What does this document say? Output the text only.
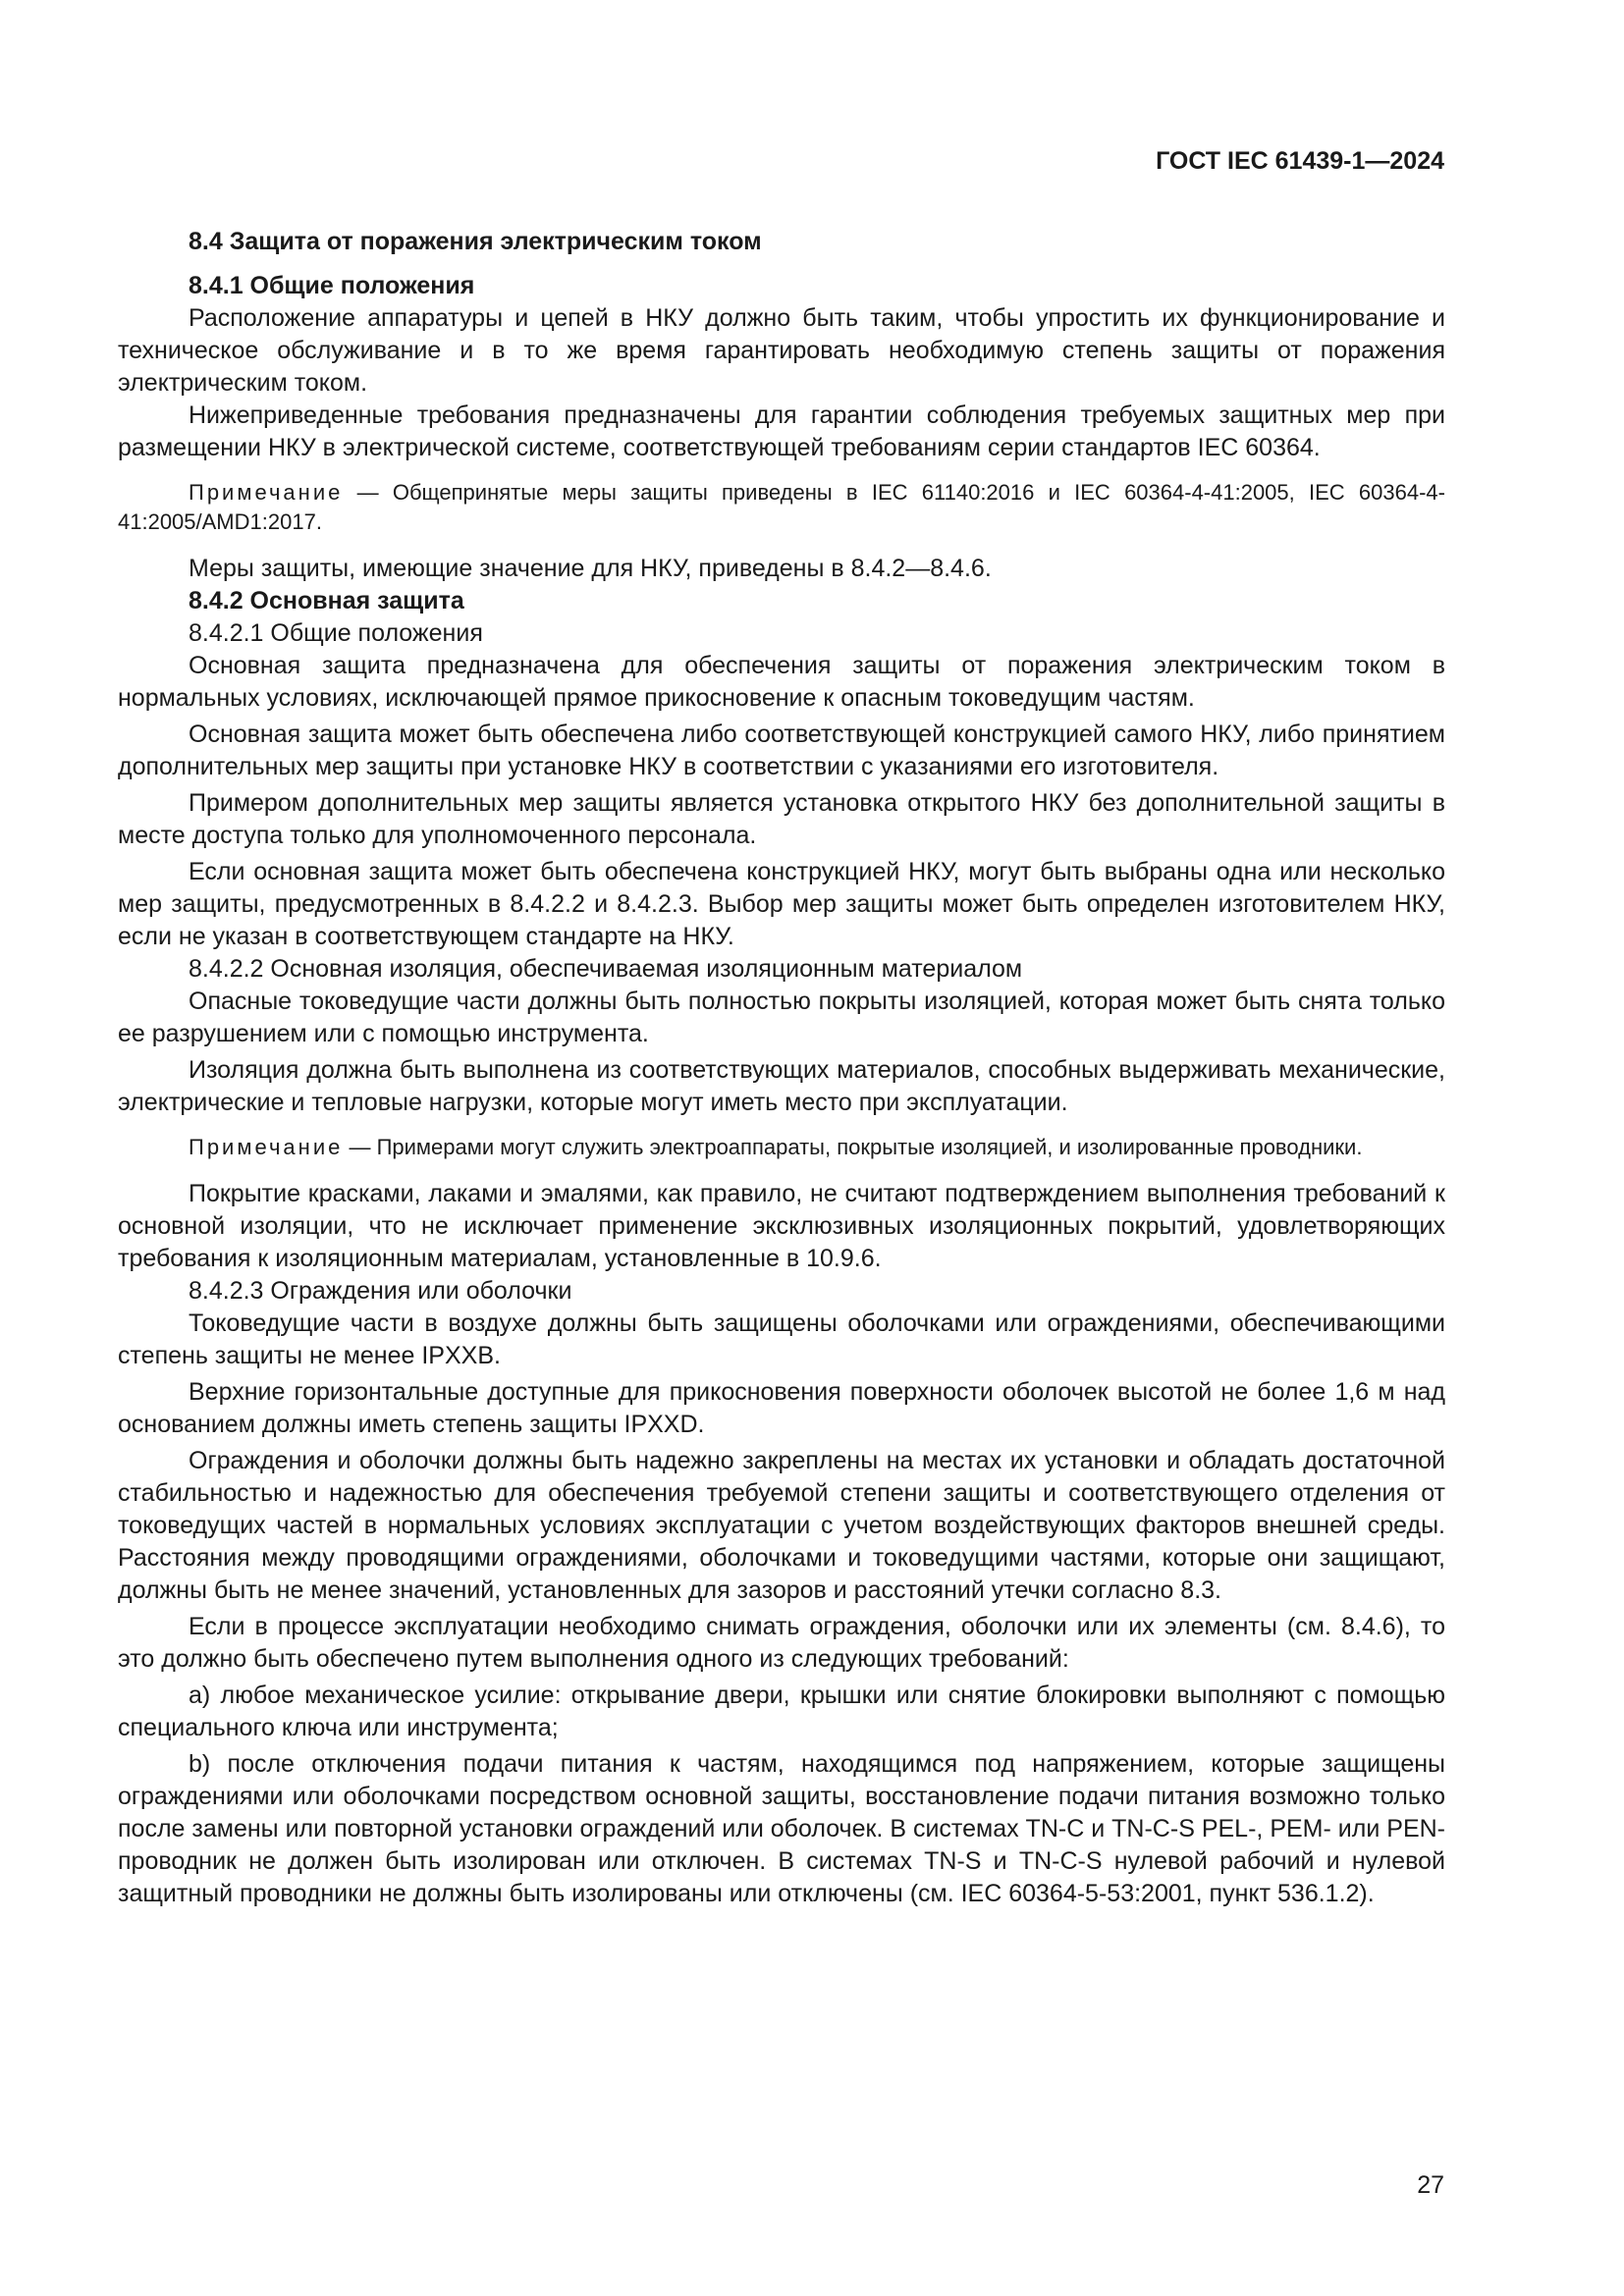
ГОСТ IEC 61439-1—2024

8.4 Защита от поражения электрическим током

8.4.1 Общие положения

Расположение аппаратуры и цепей в НКУ должно быть таким, чтобы упростить их функционирование и техническое обслуживание и в то же время гарантировать необходимую степень защиты от поражения электрическим током.

Нижеприведенные требования предназначены для гарантии соблюдения требуемых защитных мер при размещении НКУ в электрической системе, соответствующей требованиям серии стандартов IEC 60364.

Примечание — Общепринятые меры защиты приведены в IEC 61140:2016 и IEC 60364-4-41:2005, IEC 60364-4-41:2005/AMD1:2017.

Меры защиты, имеющие значение для НКУ, приведены в 8.4.2—8.4.6.

8.4.2 Основная защита

8.4.2.1 Общие положения

Основная защита предназначена для обеспечения защиты от поражения электрическим током в нормальных условиях, исключающей прямое прикосновение к опасным токоведущим частям.

Основная защита может быть обеспечена либо соответствующей конструкцией самого НКУ, либо принятием дополнительных мер защиты при установке НКУ в соответствии с указаниями его изготовителя.

Примером дополнительных мер защиты является установка открытого НКУ без дополнительной защиты в месте доступа только для уполномоченного персонала.

Если основная защита может быть обеспечена конструкцией НКУ, могут быть выбраны одна или несколько мер защиты, предусмотренных в 8.4.2.2 и 8.4.2.3. Выбор мер защиты может быть определен изготовителем НКУ, если не указан в соответствующем стандарте на НКУ.

8.4.2.2 Основная изоляция, обеспечиваемая изоляционным материалом

Опасные токоведущие части должны быть полностью покрыты изоляцией, которая может быть снята только ее разрушением или с помощью инструмента.

Изоляция должна быть выполнена из соответствующих материалов, способных выдерживать механические, электрические и тепловые нагрузки, которые могут иметь место при эксплуатации.

Примечание — Примерами могут служить электроаппараты, покрытые изоляцией, и изолированные проводники.

Покрытие красками, лаками и эмалями, как правило, не считают подтверждением выполнения требований к основной изоляции, что не исключает применение эксклюзивных изоляционных покрытий, удовлетворяющих требования к изоляционным материалам, установленные в 10.9.6.

8.4.2.3 Ограждения или оболочки

Токоведущие части в воздухе должны быть защищены оболочками или ограждениями, обеспечивающими степень защиты не менее IPXXB.

Верхние горизонтальные доступные для прикосновения поверхности оболочек высотой не более 1,6 м над основанием должны иметь степень защиты IPXXD.

Ограждения и оболочки должны быть надежно закреплены на местах их установки и обладать достаточной стабильностью и надежностью для обеспечения требуемой степени защиты и соответствующего отделения от токоведущих частей в нормальных условиях эксплуатации с учетом воздействующих факторов внешней среды. Расстояния между проводящими ограждениями, оболочками и токоведущими частями, которые они защищают, должны быть не менее значений, установленных для зазоров и расстояний утечки согласно 8.3.

Если в процессе эксплуатации необходимо снимать ограждения, оболочки или их элементы (см. 8.4.6), то это должно быть обеспечено путем выполнения одного из следующих требований:

a) любое механическое усилие: открывание двери, крышки или снятие блокировки выполняют с помощью специального ключа или инструмента;

b) после отключения подачи питания к частям, находящимся под напряжением, которые защищены ограждениями или оболочками посредством основной защиты, восстановление подачи питания возможно только после замены или повторной установки ограждений или оболочек. В системах TN-C и TN-C-S PEL-, PEM- или PEN-проводник не должен быть изолирован или отключен. В системах TN-S и TN-C-S нулевой рабочий и нулевой защитный проводники не должны быть изолированы или отключены (см. IEC 60364-5-53:2001, пункт 536.1.2).

27
